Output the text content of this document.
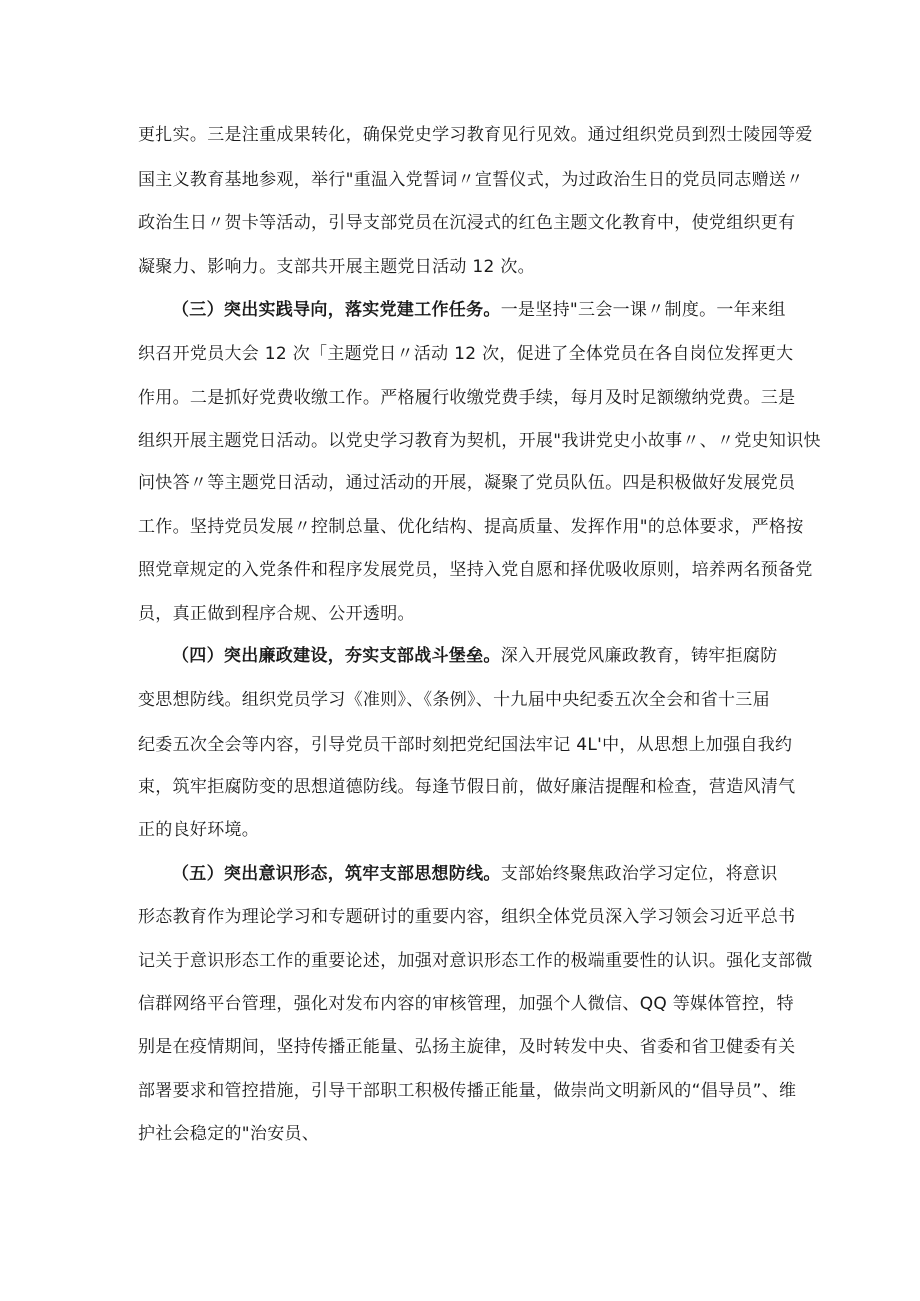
更扎实。三是注重成果转化，确保党史学习教育见行见效。通过组织党员到烈士陵园等爱
国主义教育基地参观，举行"重温入党誓词〃宣誓仪式，为过政治生日的党员同志赠送〃
政治生日〃贺卡等活动，引导支部党员在沉浸式的红色主题文化教育中，使党组织更有
凝聚力、影响力。支部共开展主题党日活动 12 次。
（三）突出实践导向，落实党建工作任务。一是坚持"三会一课〃制度。一年来组
织召开党员大会 12 次「主题党日〃活动 12 次，促进了全体党员在各自岗位发挥更大
作用。二是抓好党费收缴工作。严格履行收缴党费手续，每月及时足额缴纳党费。三是
组织开展主题党日活动。以党史学习教育为契机，开展"我讲党史小故事〃、〃党史知识快
问快答〃等主题党日活动，通过活动的开展，凝聚了党员队伍。四是积极做好发展党员
工作。坚持党员发展〃控制总量、优化结构、提高质量、发挥作用"的总体要求，严格按
照党章规定的入党条件和程序发展党员，坚持入党自愿和择优吸收原则，培养两名预备党
员，真正做到程序合规、公开透明。
（四）突出廉政建设，夯实支部战斗堡垒。深入开展党风廉政教育，铸牢拒腐防
变思想防线。组织党员学习《准则》、《条例》、十九届中央纪委五次全会和省十三届
纪委五次全会等内容，引导党员干部时刻把党纪国法牢记 4L'中，从思想上加强自我约
束，筑牢拒腐防变的思想道德防线。每逢节假日前，做好廉洁提醒和检查，营造风清气
正的良好环境。
（五）突出意识形态，筑牢支部思想防线。支部始终聚焦政治学习定位，将意识
形态教育作为理论学习和专题研讨的重要内容，组织全体党员深入学习领会习近平总书
记关于意识形态工作的重要论述，加强对意识形态工作的极端重要性的认识。强化支部微
信群网络平台管理，强化对发布内容的审核管理，加强个人微信、QQ 等媒体管控，特
别是在疫情期间，坚持传播正能量、弘扬主旋律，及时转发中央、省委和省卫健委有关
部署要求和管控措施，引导干部职工积极传播正能量，做崇尚文明新风的“倡导员”、维
护社会稳定的"治安员、
